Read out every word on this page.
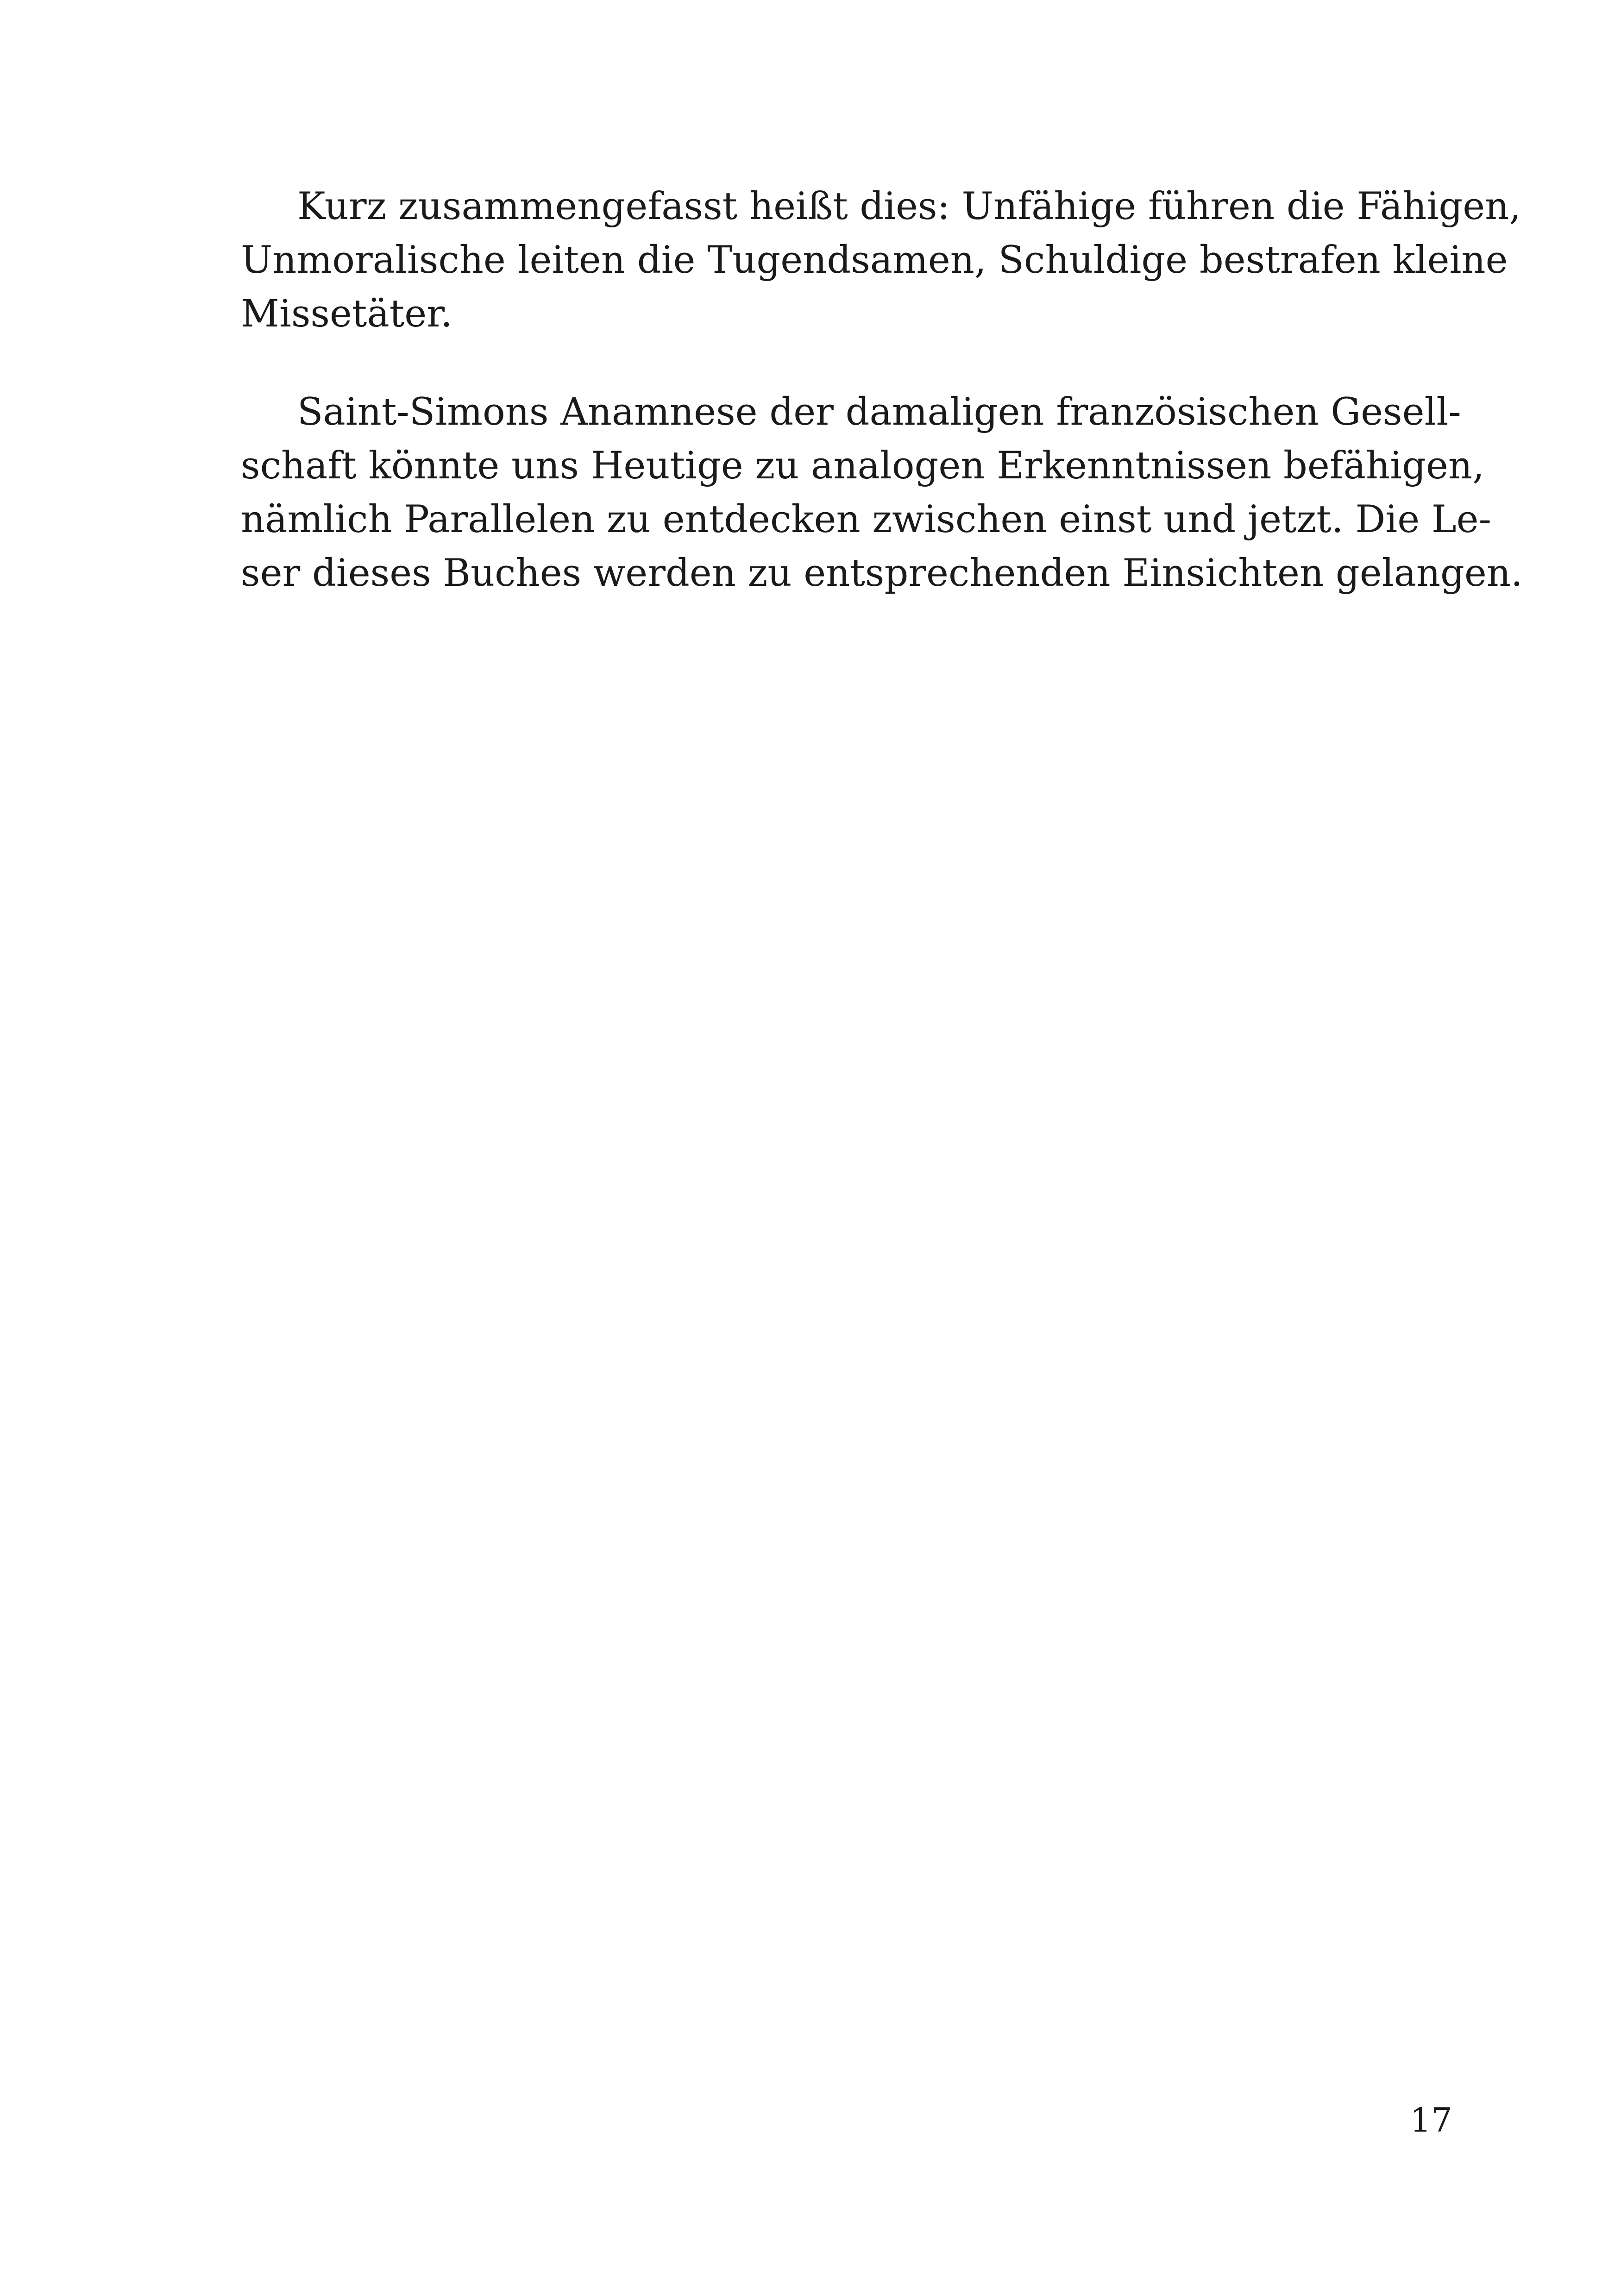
Kurz zusammengefasst heißt dies: Unfähige führen die Fähigen,

Unmoralische leiten die Tugendsamen, Schuldige bestrafen kleine
Missetäter.

Saint-Simons Anamnese der damaligen französischen Gesell-

schaft könnte uns Heutige zu analogen Erkenntnissen befähigen,
nämlich Parallelen zu entdecken zwischen einst und jetzt. Die Le-
ser dieses Buches werden zu entsprechenden Einsichten gelangen.

17
